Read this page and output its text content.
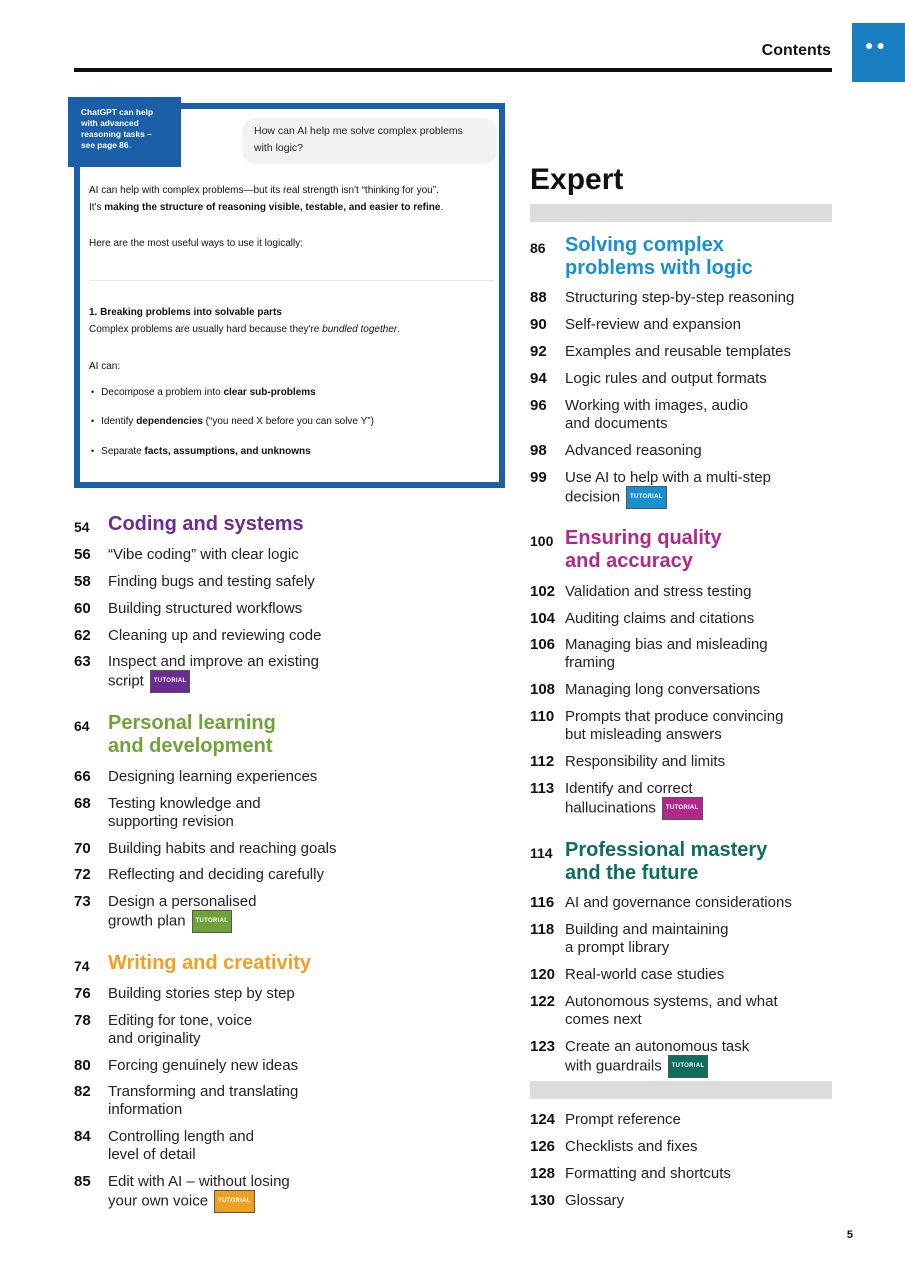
Contents ●●
How can AI help me solve complex problems
with logic?
AI can help with complex problems—but its real strength isn't “thinking for you”.
It's making the structure of reasoning visible, testable, and easier to refine.
Here are the most useful ways to use it logically:
1. Breaking problems into solvable parts
Complex problems are usually hard because they're bundled together.
AI can:
• Decompose a problem into clear sub-problems
• Identify dependencies (“you need X before you can solve Y”)
• Separate facts, assumptions, and unknowns
ChatGPT can help
with advanced
reasoning tasks –
see page 86.
Expert
54 Coding and systems
56 “Vibe coding” with clear logic
58 Finding bugs and testing safely
60 Building structured workflows
62 Cleaning up and reviewing code
63 Inspect and improve an existing
script TUTORIAL
64 Personal learning
and development
66 Designing learning experiences
68 Testing knowledge and
supporting revision
70 Building habits and reaching goals
72 Reflecting and deciding carefully
73 Design a personalised
growth plan TUTORIAL
74 Writing and creativity
76 Building stories step by step
78 Editing for tone, voice
and originality
80 Forcing genuinely new ideas
82 Transforming and translating
information
84 Controlling length and
level of detail
85 Edit with AI – without losing
your own voice TUTORIAL
86 Solving complex
problems with logic
88 Structuring step-by-step reasoning
90 Self-review and expansion
92 Examples and reusable templates
94 Logic rules and output formats
96 Working with images, audio
and documents
98 Advanced reasoning
99 Use AI to help with a multi-step
decision TUTORIAL
100 Ensuring quality
and accuracy
102 Validation and stress testing
104 Auditing claims and citations
106 Managing bias and misleading
framing
108 Managing long conversations
110 Prompts that produce convincing
but misleading answers
112 Responsibility and limits
113 Identify and correct
hallucinations TUTORIAL
114 Professional mastery
and the future
116 AI and governance considerations
118 Building and maintaining
a prompt library
120 Real-world case studies
122 Autonomous systems, and what
comes next
123 Create an autonomous task
with guardrails TUTORIAL
124 Prompt reference
126 Checklists and fixes
128 Formatting and shortcuts
130 Glossary
5
